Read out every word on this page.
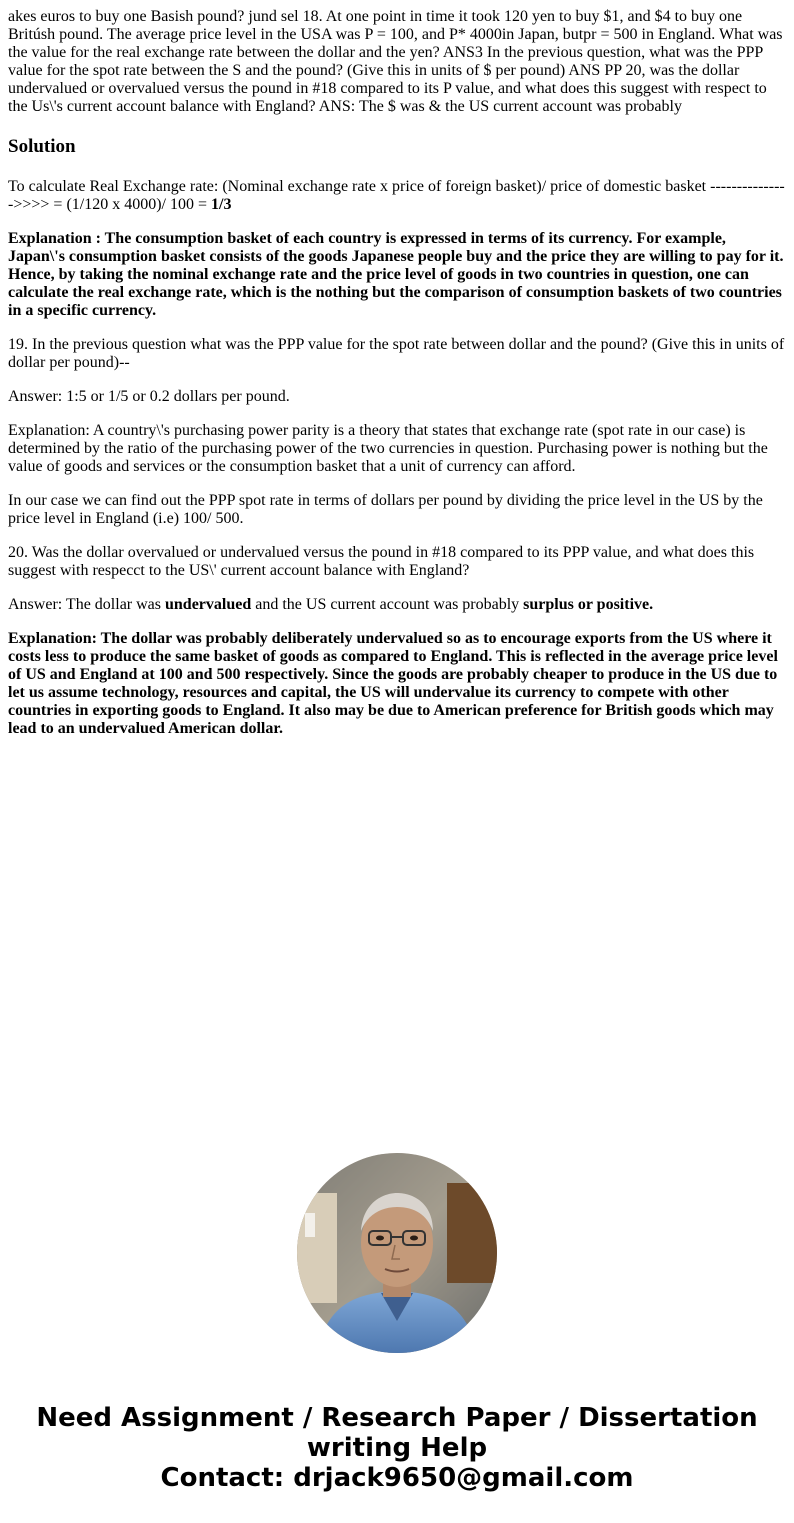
akes euros to buy one Basish pound? jund sel 18. At one point in time it took 120 yen to buy $1, and $4 to buy one Britúsh pound. The average price level in the USA was P = 100, and P* 4000in Japan, butpr = 500 in England. What was the value for the real exchange rate between the dollar and the yen? ANS3 In the previous question, what was the PPP value for the spot rate between the S and the pound? (Give this in units of $ per pound) ANS PP 20, was the dollar undervalued or overvalued versus the pound in #18 compared to its P value, and what does this suggest with respect to the Us\'s current account balance with England? ANS: The $ was & the US current account was probably

Solution

To calculate Real Exchange rate: (Nominal exchange rate x price of foreign basket)/ price of domestic basket --------------->>>> = (1/120 x 4000)/ 100 = 1/3

Explanation : The consumption basket of each country is expressed in terms of its currency. For example, Japan\'s consumption basket consists of the goods Japanese people buy and the price they are willing to pay for it. Hence, by taking the nominal exchange rate and the price level of goods in two countries in question, one can calculate the real exchange rate, which is the nothing but the comparison of consumption baskets of two countries in a specific currency.

19. In the previous question what was the PPP value for the spot rate between dollar and the pound? (Give this in units of dollar per pound)--

Answer: 1:5 or 1/5 or 0.2 dollars per pound.

Explanation: A country\'s purchasing power parity is a theory that states that exchange rate (spot rate in our case) is determined by the ratio of the purchasing power of the two currencies in question. Purchasing power is nothing but the value of goods and services or the consumption basket that a unit of currency can afford.

In our case we can find out the PPP spot rate in terms of dollars per pound by dividing the price level in the US by the price level in England (i.e) 100/ 500.

20. Was the dollar overvalued or undervalued versus the pound in #18 compared to its PPP value, and what does this suggest with respecct to the US\' current account balance with England?

Answer: The dollar was undervalued and the US current account was probably surplus or positive.

Explanation: The dollar was probably deliberately undervalued so as to encourage exports from the US where it costs less to produce the same basket of goods as compared to England. This is reflected in the average price level of US and England at 100 and 500 respectively. Since the goods are probably cheaper to produce in the US due to let us assume technology, resources and capital, the US will undervalue its currency to compete with other countries in exporting goods to England. It also may be due to American preference for British goods which may lead to an undervalued American dollar.

Need Assignment / Research Paper / Dissertation
writing Help
Contact: drjack9650@gmail.com
